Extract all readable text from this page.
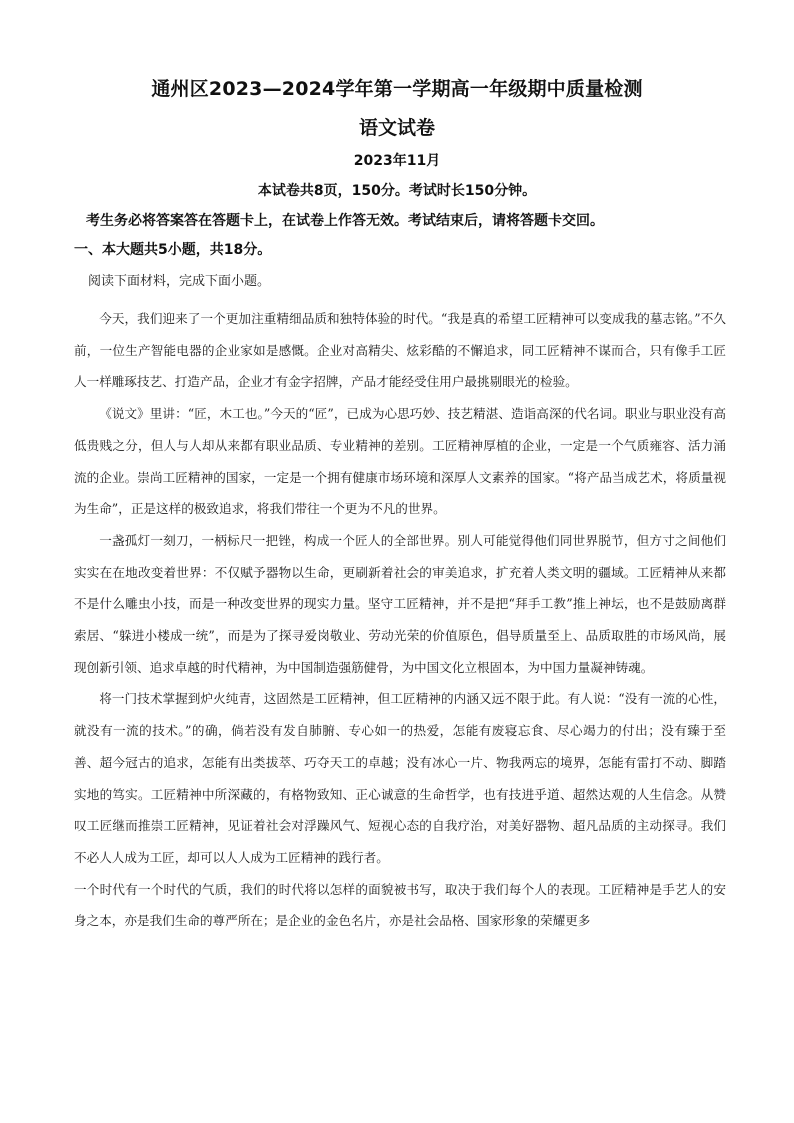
通州区2023—2024学年第一学期高一年级期中质量检测
语文试卷
2023年11月
本试卷共8页，150分。考试时长150分钟。
考生务必将答案答在答题卡上，在试卷上作答无效。考试结束后，请将答题卡交回。
一、本大题共5小题，共18分。
阅读下面材料，完成下面小题。

今天，我们迎来了一个更加注重精细品质和独特体验的时代。“我是真的希望工匠精神可以变成我的墓志铭。”不久前，一位生产智能电器的企业家如是感慨。企业对高精尖、炫彩酷的不懈追求，同工匠精神不谋而合，只有像手工匠人一样雕琢技艺、打造产品，企业才有金字招牌，产品才能经受住用户最挑剔眼光的检验。

《说文》里讲：“匠，木工也。”今天的“匠”，已成为心思巧妙、技艺精湛、造诣高深的代名词。职业与职业没有高低贵贱之分，但人与人却从来都有职业品质、专业精神的差别。工匠精神厚植的企业，一定是一个气质雍容、活力涌流的企业。崇尚工匠精神的国家，一定是一个拥有健康市场环境和深厚人文素养的国家。“将产品当成艺术，将质量视为生命”，正是这样的极致追求，将我们带往一个更为不凡的世界。

一盏孤灯一刻刀，一柄标尺一把锉，构成一个匠人的全部世界。别人可能觉得他们同世界脱节，但方寸之间他们实实在在地改变着世界：不仅赋予器物以生命，更刷新着社会的审美追求，扩充着人类文明的疆域。工匠精神从来都不是什么雕虫小技，而是一种改变世界的现实力量。坚守工匠精神，并不是把“拜手工教”推上神坛，也不是鼓励离群索居、“躲进小楼成一统”，而是为了探寻爱岗敬业、劳动光荣的价值原色，倡导质量至上、品质取胜的市场风尚，展现创新引领、追求卓越的时代精神，为中国制造强筋健骨，为中国文化立根固本，为中国力量凝神铸魂。

将一门技术掌握到炉火纯青，这固然是工匠精神，但工匠精神的内涵又远不限于此。有人说：“没有一流的心性，就没有一流的技术。”的确，倘若没有发自肺腑、专心如一的热爱，怎能有废寝忘食、尽心竭力的付出；没有臻于至善、超今冠古的追求，怎能有出类拔萃、巧夺天工的卓越；没有冰心一片、物我两忘的境界，怎能有雷打不动、脚踏实地的笃实。工匠精神中所深藏的，有格物致知、正心诚意的生命哲学，也有技进乎道、超然达观的人生信念。从赞叹工匠继而推崇工匠精神，见证着社会对浮躁风气、短视心态的自我疗治，对美好器物、超凡品质的主动探寻。我们不必人人成为工匠，却可以人人成为工匠精神的践行者。

一个时代有一个时代的气质，我们的时代将以怎样的面貌被书写，取决于我们每个人的表现。工匠精神是手艺人的安身之本，亦是我们生命的尊严所在；是企业的金色名片，亦是社会品格、国家形象的荣耀更多
